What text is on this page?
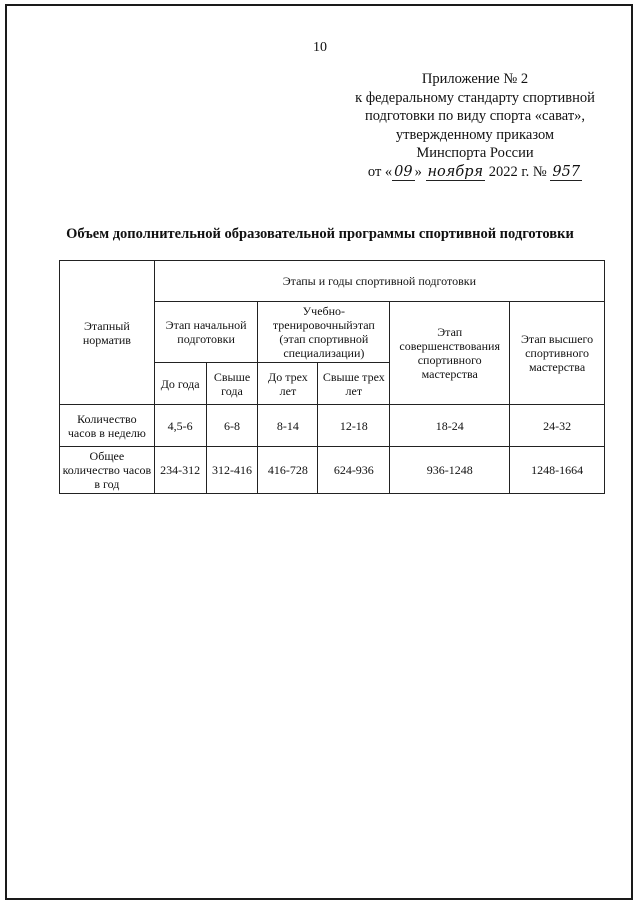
10
Приложение № 2
к федеральному стандарту спортивной
подготовки по виду спорта «сават»,
утвержденному приказом
Минспорта России
от « 09 » ноября 2022 г. № 957
Объем дополнительной образовательной программы спортивной подготовки
Этапный норматив	Этапы и годы спортивной подготовки					
	Этап начальной подготовки		Учебно-тренировочныйэтап (этап спортивной специализации)		Этап совершенствования спортивного мастерства	Этап высшего спортивного мастерства
	До года	Свыше года	До трех лет	Свыше трех лет		
Количество часов в неделю	4,5-6	6-8	8-14	12-18	18-24	24-32
Общее количество часов в год	234-312	312-416	416-728	624-936	936-1248	1248-1664
